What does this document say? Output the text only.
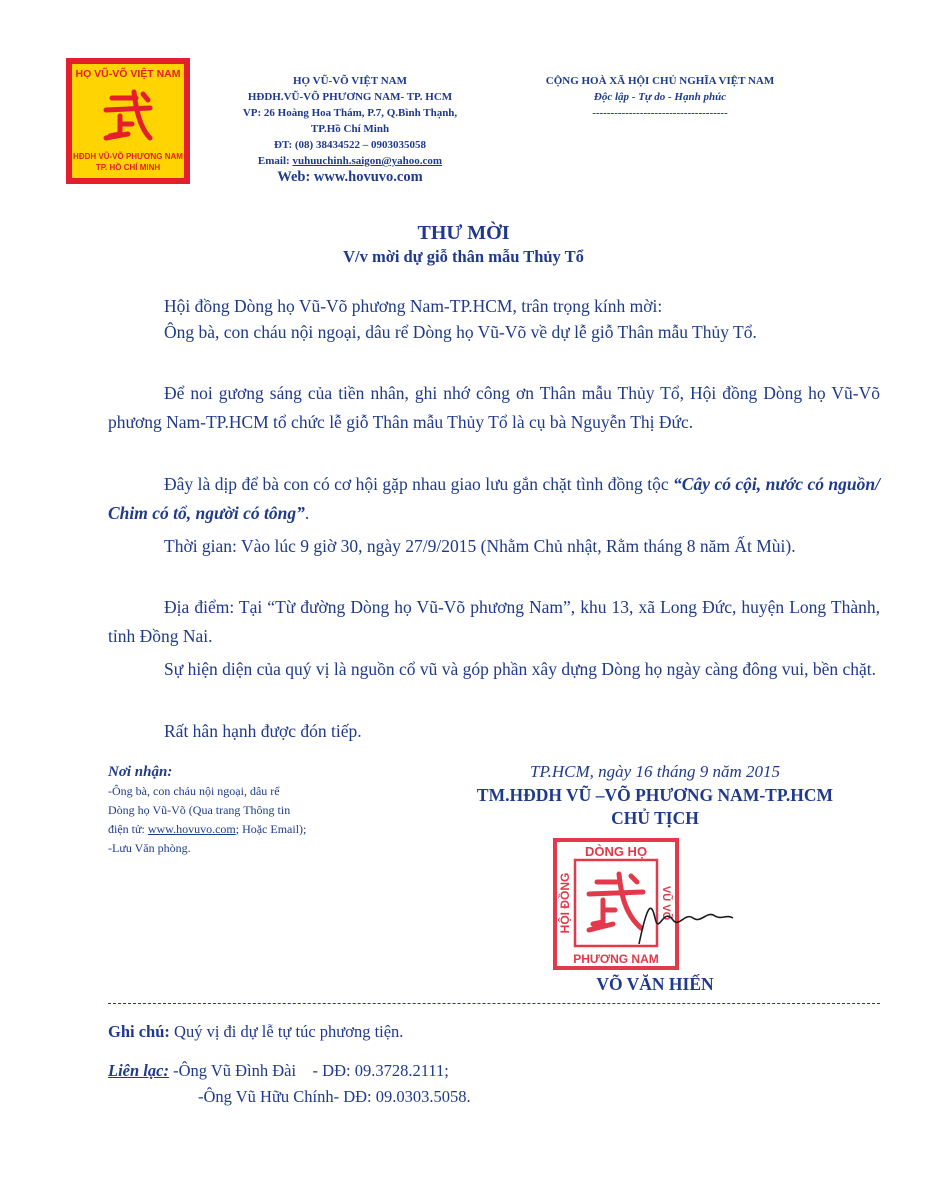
HỌ VŨ-VÕ VIỆT NAM
HĐDH VŨ-VÕ PHƯƠNG NAM
TP. HỒ CHÍ MINH
HỌ VŨ-VÕ VIỆT NAM
HĐDH.VŨ-VÕ PHƯƠNG NAM- TP. HCM
VP: 26 Hoàng Hoa Thám, P.7, Q.Bình Thạnh,
TP.Hồ Chí Minh
ĐT: (08) 38434522 – 0903035058
Email: vuhuuchinh.saigon@yahoo.com
Web: www.hovuvo.com
CỘNG HOÀ XÃ HỘI CHỦ NGHĨA VIỆT NAM
Độc lập - Tự do - Hạnh phúc
-------------------------------------
THƯ MỜI
V/v mời dự giỗ thân mẫu Thủy Tổ
Hội đồng Dòng họ Vũ-Võ phương Nam-TP.HCM, trân trọng kính mời:
Ông bà, con cháu nội ngoại, dâu rể Dòng họ Vũ-Võ về dự lễ giỗ Thân mẫu Thủy Tổ.
Để noi gương sáng của tiền nhân, ghi nhớ công ơn Thân mẫu Thủy Tổ, Hội đồng Dòng họ Vũ-Võ phương Nam-TP.HCM tổ chức lễ giỗ Thân mẫu Thủy Tổ là cụ bà Nguyễn Thị Đức.
Đây là dịp để bà con có cơ hội gặp nhau giao lưu gắn chặt tình đồng tộc “Cây có cội, nước có nguồn/ Chim có tổ, người có tông”.
Thời gian: Vào lúc 9 giờ 30, ngày 27/9/2015 (Nhằm Chủ nhật, Rằm tháng 8 năm Ất Mùi).
Địa điểm: Tại “Từ đường Dòng họ Vũ-Võ phương Nam”, khu 13, xã Long Đức, huyện Long Thành, tỉnh Đồng Nai.
Sự hiện diện của quý vị là nguồn cổ vũ và góp phần xây dựng Dòng họ ngày càng đông vui, bền chặt.
Rất hân hạnh được đón tiếp.
Nơi nhận:
-Ông bà, con cháu nội ngoại, dâu rể
Dòng họ Vũ-Võ (Qua trang Thông tin
điện tử: www.hovuvo.com; Hoặc Email);
-Lưu Văn phòng.
TP.HCM, ngày 16 tháng 9 năm 2015
TM.HĐDH VŨ –VÕ PHƯƠNG NAM-TP.HCM
CHỦ TỊCH
DÒNG HỌ
PHƯƠNG NAM
HỘI ĐỒNG	VŨ VÕ
VÕ VĂN HIẾN
Ghi chú: Quý vị đi dự lễ tự túc phương tiện.
Liên lạc: -Ông Vũ Đình Đài    - DĐ: 09.3728.2111;
-Ông Vũ Hữu Chính- DĐ: 09.0303.5058.
